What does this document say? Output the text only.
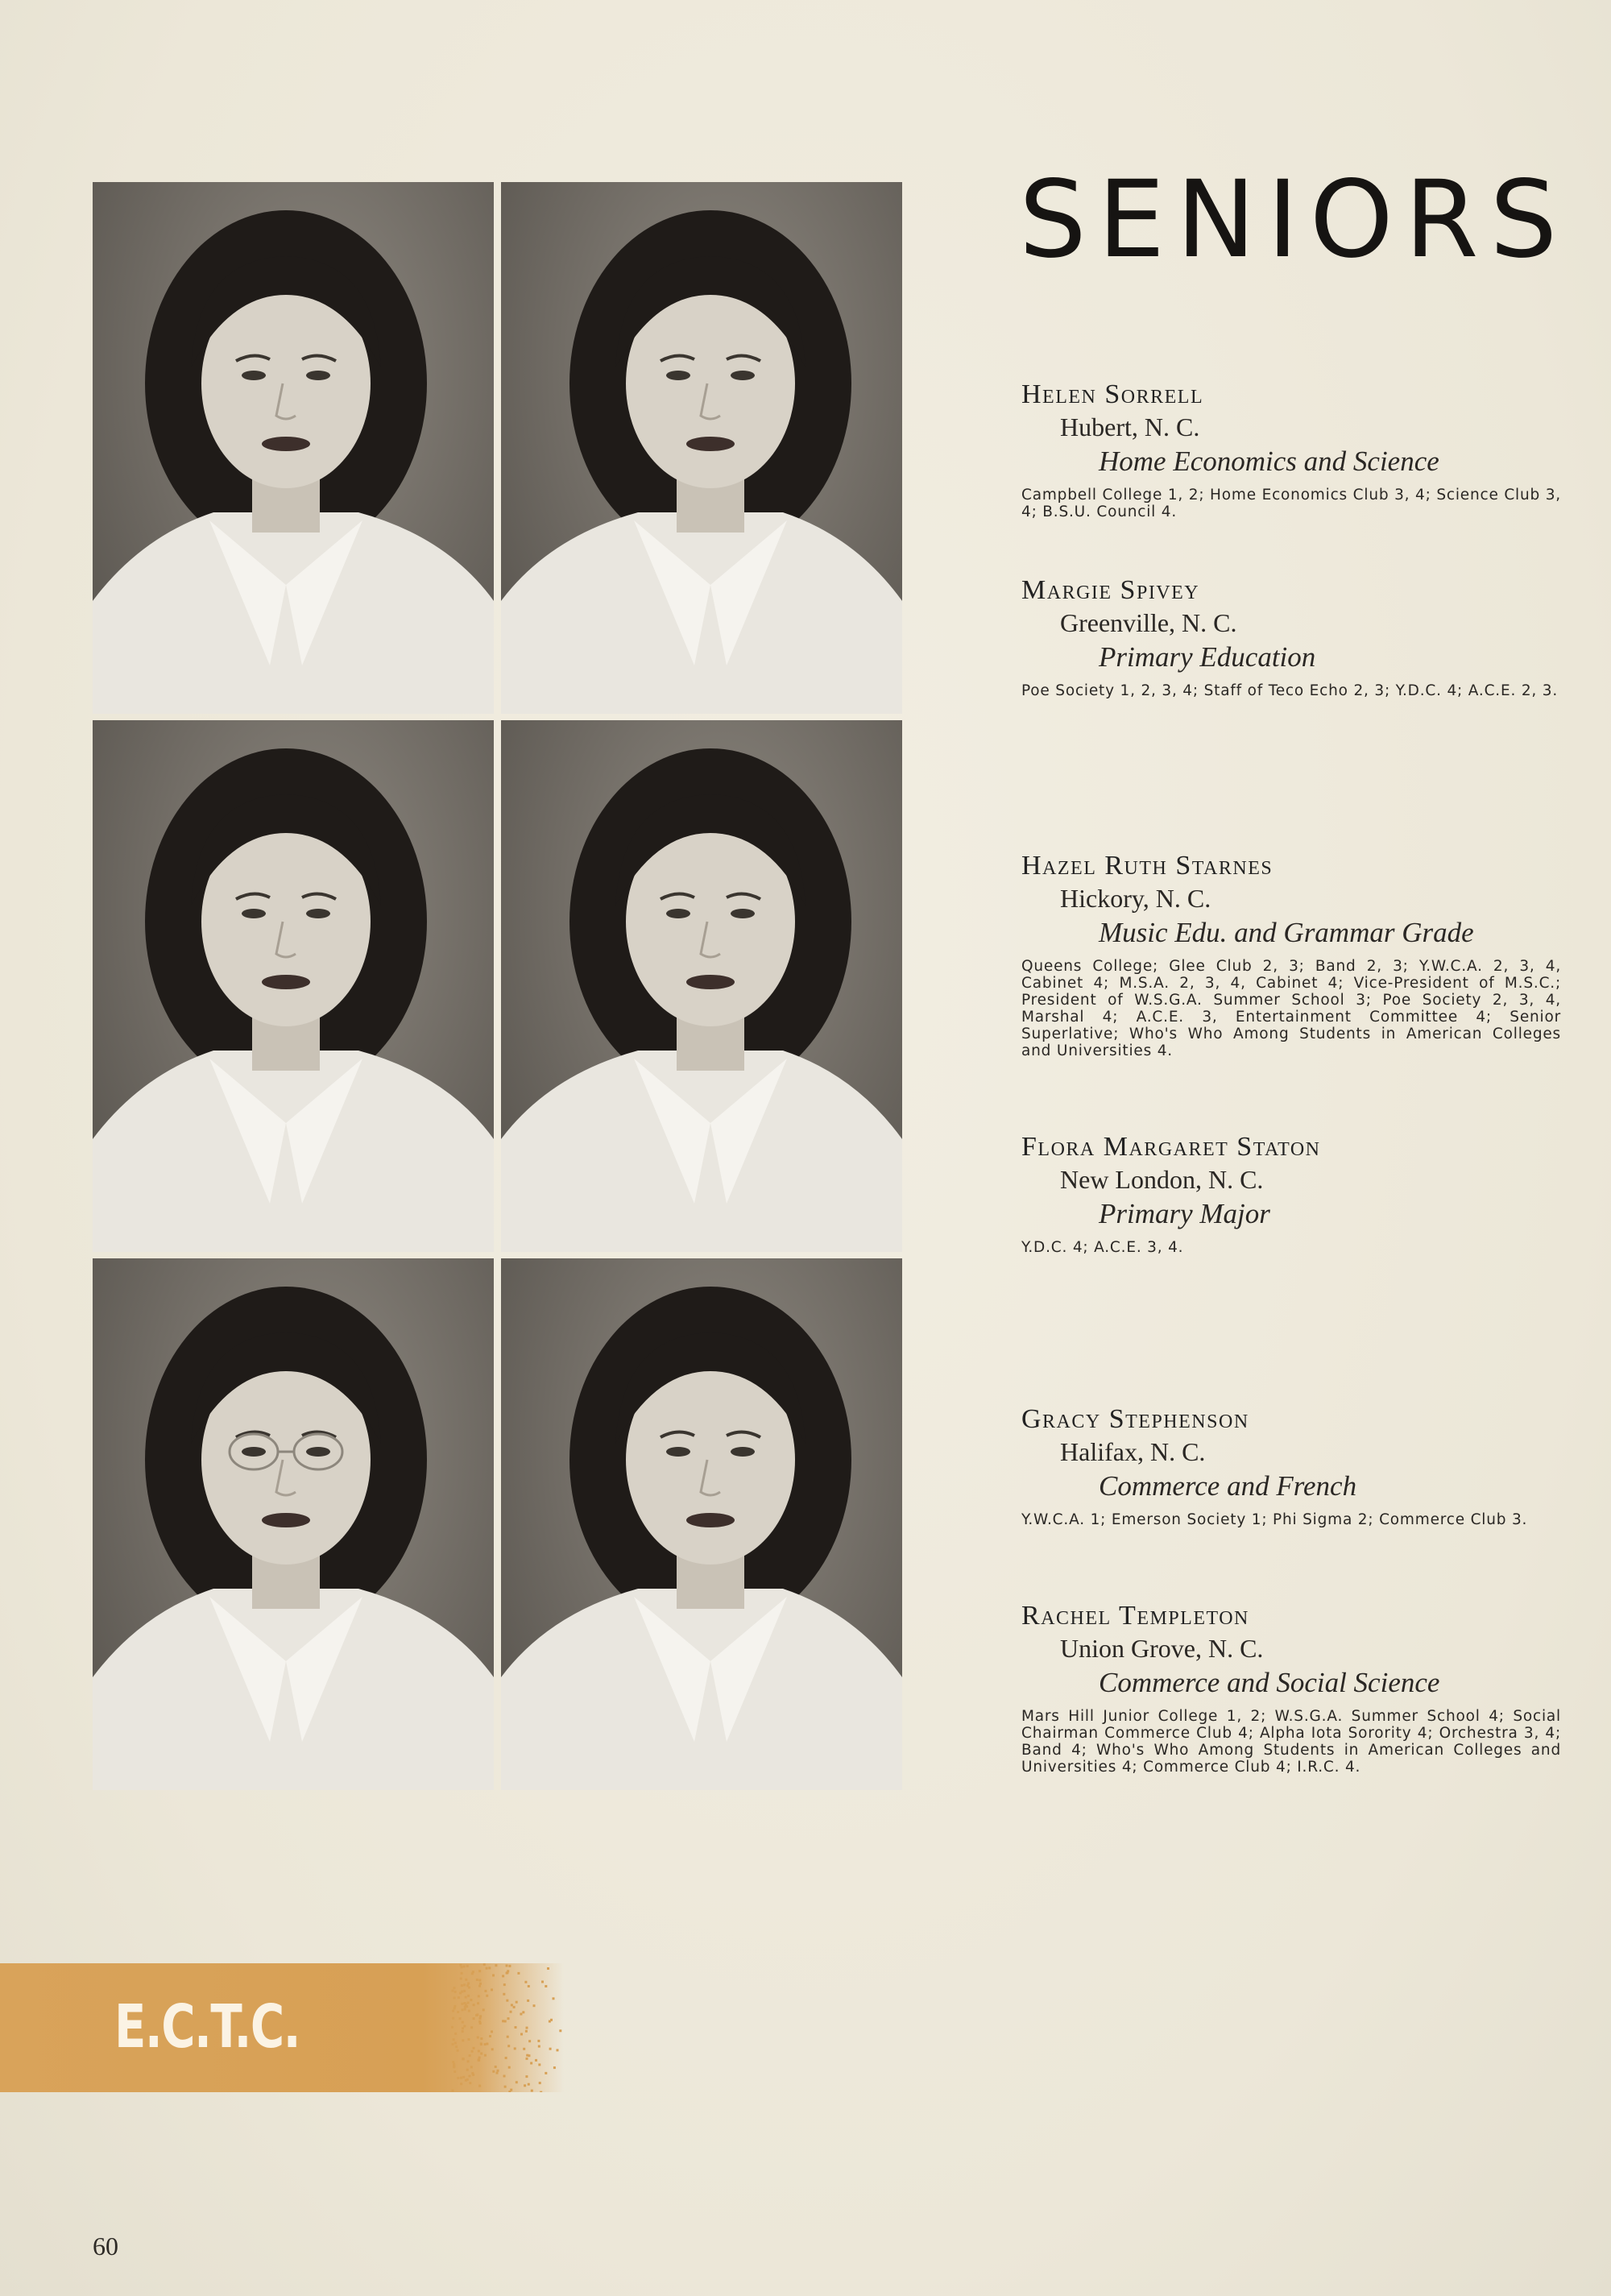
SENIORS
Helen Sorrell
Hubert, N. C.
Home Economics and Science
Campbell College 1, 2; Home Economics Club 3, 4; Science Club 3, 4; B.S.U. Council 4.
Margie Spivey
Greenville, N. C.
Primary Education
Poe Society 1, 2, 3, 4; Staff of Teco Echo 2, 3; Y.D.C. 4; A.C.E. 2, 3.
Hazel Ruth Starnes
Hickory, N. C.
Music Edu. and Grammar Grade
Queens College; Glee Club 2, 3; Band 2, 3; Y.W.C.A. 2, 3, 4, Cabinet 4; M.S.A. 2, 3, 4, Cabinet 4; Vice-President of M.S.C.; President of W.S.G.A. Summer School 3; Poe Society 2, 3, 4, Marshal 4; A.C.E. 3, Entertainment Committee 4; Senior Superlative; Who's Who Among Students in American Colleges and Universities 4.
Flora Margaret Staton
New London, N. C.
Primary Major
Y.D.C. 4; A.C.E. 3, 4.
Gracy Stephenson
Halifax, N. C.
Commerce and French
Y.W.C.A. 1; Emerson Society 1; Phi Sigma 2; Commerce Club 3.
Rachel Templeton
Union Grove, N. C.
Commerce and Social Science
Mars Hill Junior College 1, 2; W.S.G.A. Summer School 4; Social Chairman Commerce Club 4; Alpha Iota Sorority 4; Orchestra 3, 4; Band 4; Who's Who Among Students in American Colleges and Universities 4; Commerce Club 4; I.R.C. 4.
E.C.T.C.
60
